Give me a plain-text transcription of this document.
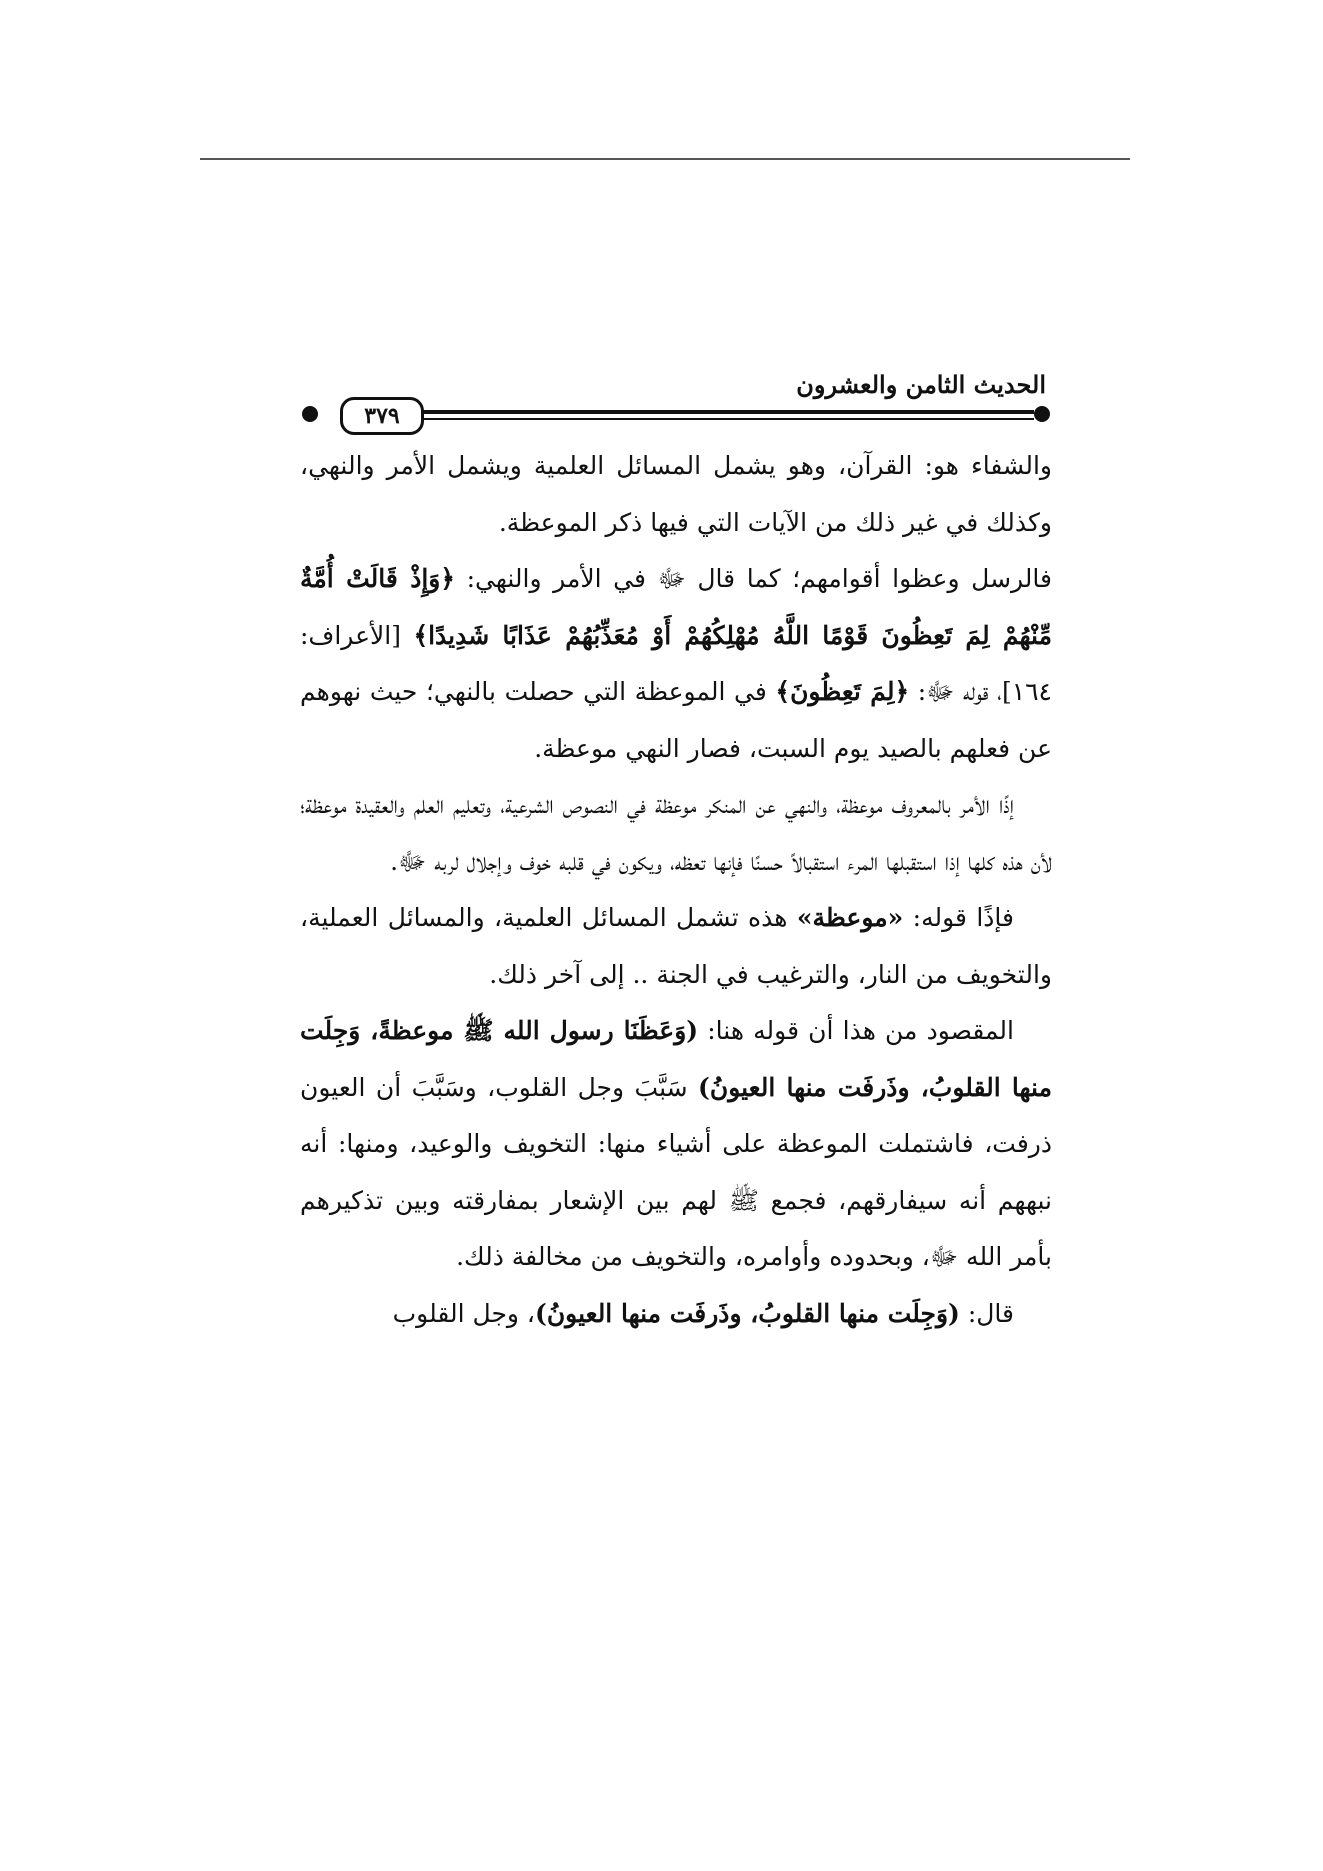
٣٧٩
الحديث الثامن والعشرون

والشفاء هو: القرآن، وهو يشمل المسائل العلمية ويشمل الأمر والنهي، وكذلك في غير ذلك من الآيات التي فيها ذكر الموعظة.

فالرسل وعظوا أقوامهم؛ كما قال ﷻ في الأمر والنهي: ﴿وَإِذْ قَالَتْ أُمَّةٌ مِّنْهُمْ لِمَ تَعِظُونَ قَوْمًا اللَّهُ مُهْلِكُهُمْ أَوْ مُعَذِّبُهُمْ عَذَابًا شَدِيدًا﴾ [الأعراف: ١٦٤]، قوله ﷻ: ﴿لِمَ تَعِظُونَ﴾ في الموعظة التي حصلت بالنهي؛ حيث نهوهم عن فعلهم بالصيد يوم السبت، فصار النهي موعظة.

إذًا الأمر بالمعروف موعظة، والنهي عن المنكر موعظة في النصوص الشرعية، وتعليم العلم والعقيدة موعظة؛ لأن هذه كلها إذا استقبلها المرء استقبالاً حسنًا فإنها تعظه، ويكون في قلبه خوف وإجلال لربه ﷻ.

فإذًا قوله: «موعظة» هذه تشمل المسائل العلمية، والمسائل العملية، والتخويف من النار، والترغيب في الجنة .. إلى آخر ذلك.

المقصود من هذا أن قوله هنا: (وَعَظَنَا رسول الله ﷺ موعظةً، وَجِلَت منها القلوبُ، وذَرفَت منها العيونُ) سَبَّبَ وجل القلوب، وسَبَّبَ أن العيون ذرفت، فاشتملت الموعظة على أشياء منها: التخويف والوعيد، ومنها: أنه نبههم أنه سيفارقهم، فجمع ﷺ لهم بين الإشعار بمفارقته وبين تذكيرهم بأمر الله ﷻ، وبحدوده وأوامره، والتخويف من مخالفة ذلك.

قال: (وَجِلَت منها القلوبُ، وذَرفَت منها العيونُ)، وجل القلوب
